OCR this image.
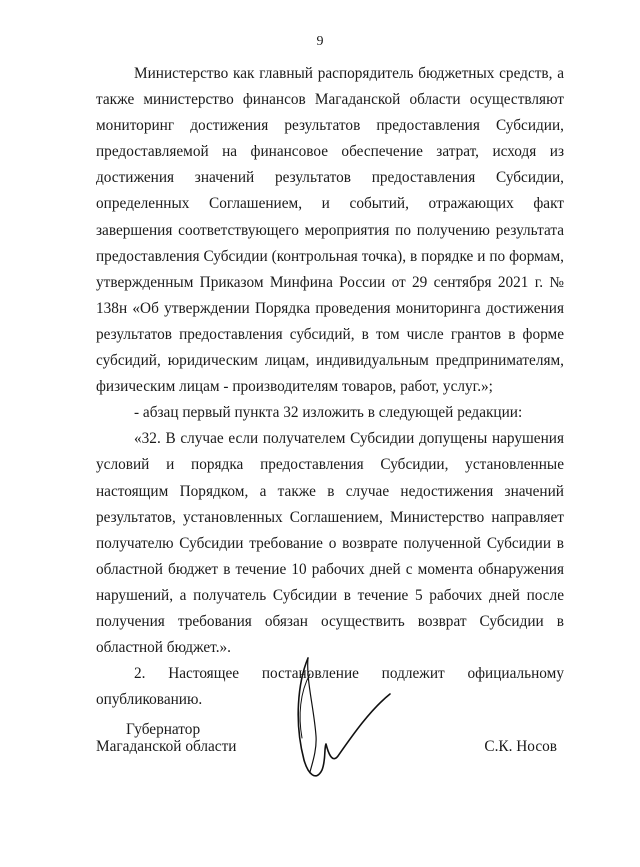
9

Министерство как главный распорядитель бюджетных средств, а также министерство финансов Магаданской области осуществляют мониторинг достижения результатов предоставления Субсидии, предоставляемой на финансовое обеспечение затрат, исходя из достижения значений результатов предоставления Субсидии, определенных Соглашением, и событий, отражающих факт завершения соответствующего мероприятия по получению результата предоставления Субсидии (контрольная точка), в порядке и по формам, утвержденным Приказом Минфина России от 29 сентября 2021 г. № 138н «Об утверждении Порядка проведения мониторинга достижения результатов предоставления субсидий, в том числе грантов в форме субсидий, юридическим лицам, индивидуальным предпринимателям, физическим лицам - производителям товаров, работ, услуг.»;

- абзац первый пункта 32 изложить в следующей редакции:

«32. В случае если получателем Субсидии допущены нарушения условий и порядка предоставления Субсидии, установленные настоящим Порядком, а также в случае недостижения значений результатов, установленных Соглашением, Министерство направляет получателю Субсидии требование о возврате полученной Субсидии в областной бюджет в течение 10 рабочих дней с момента обнаружения нарушений, а получатель Субсидии в течение 5 рабочих дней после получения требования обязан осуществить возврат Субсидии в областной бюджет.».

2. Настоящее постановление подлежит официальному опубликованию.

Губернатор
Магаданской области	С.К. Носов
